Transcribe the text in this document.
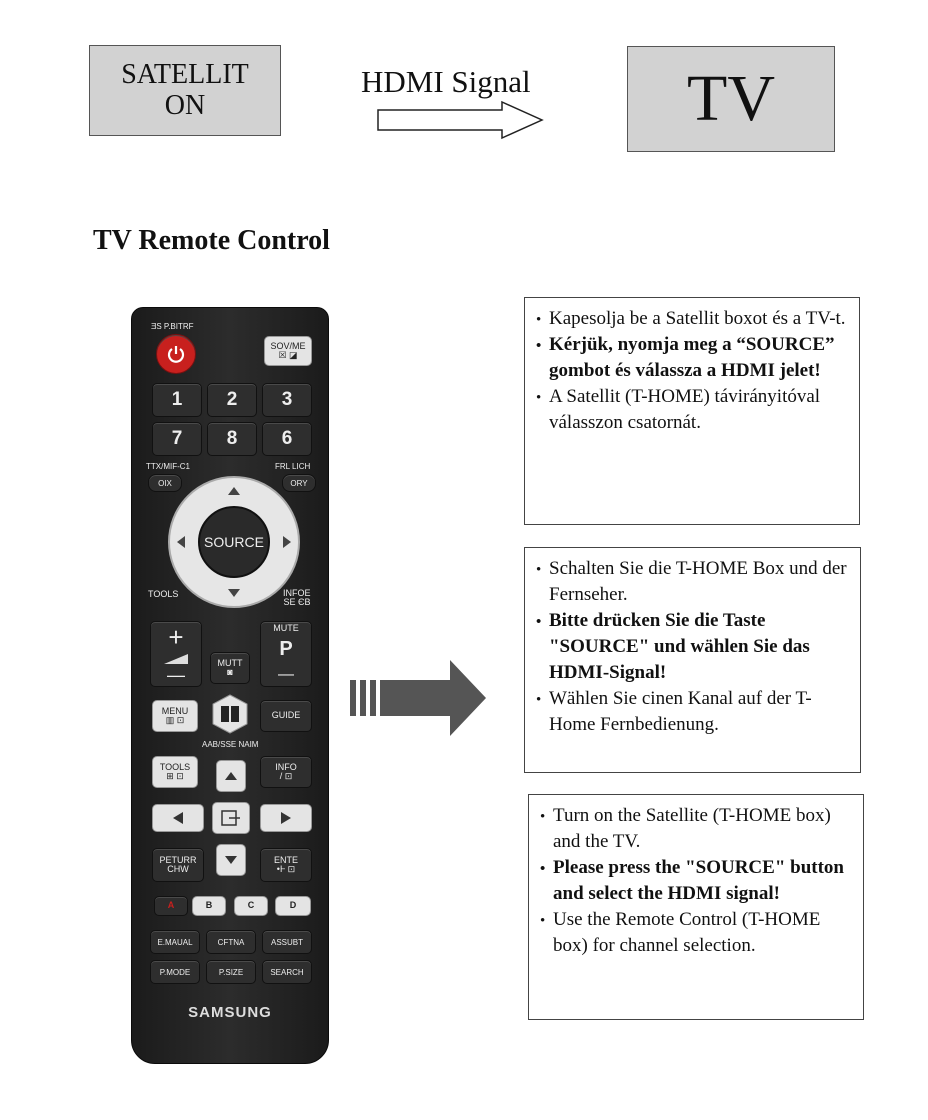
SATELLIT
ON
HDMI Signal	TV
TV Remote Control
ƎS P.BITRF
SOV/ME
☒ ◪
1	2	3
7	8	6
TTX/MIF-C1
OIX
FRL LICH
ORY
SOURCE
TOOLS	INFOE
SE ЄB
+
—
MUTT
◙
MUTE
P
—
MENU
▥ ⊡	GUIDE
AAB/SSE NAIM
TOOLS
⊞ ⊡
INFO
/ ⊡
PETURR
CHW
ENTE
•Ⱶ ⊡
A	B	C	D
E.MAUAL	CFTNA	ASSUBT
P.MODE	P.SIZE	SEARCH
SAMSUNG

• Kapesolja be a Satellit boxot és a TV-t.

• Kérjük, nyomja meg a “SOURCE” gombot és válassza a HDMI jelet!

• A Satellit (T-HOME) távirányitóval válasszon csatornát.

• Schalten Sie die T-HOME Box und der Fernseher.

• Bitte drücken Sie die Taste "SOURCE" und wählen Sie das HDMI-Signal!

• Wählen Sie cinen Kanal auf der T-Home Fernbedienung.

• Turn on the Satellite (T-HOME box) and the TV.

• Please press the "SOURCE" button and select the HDMI signal!

• Use the Remote Control (T-HOME box) for channel selection.
